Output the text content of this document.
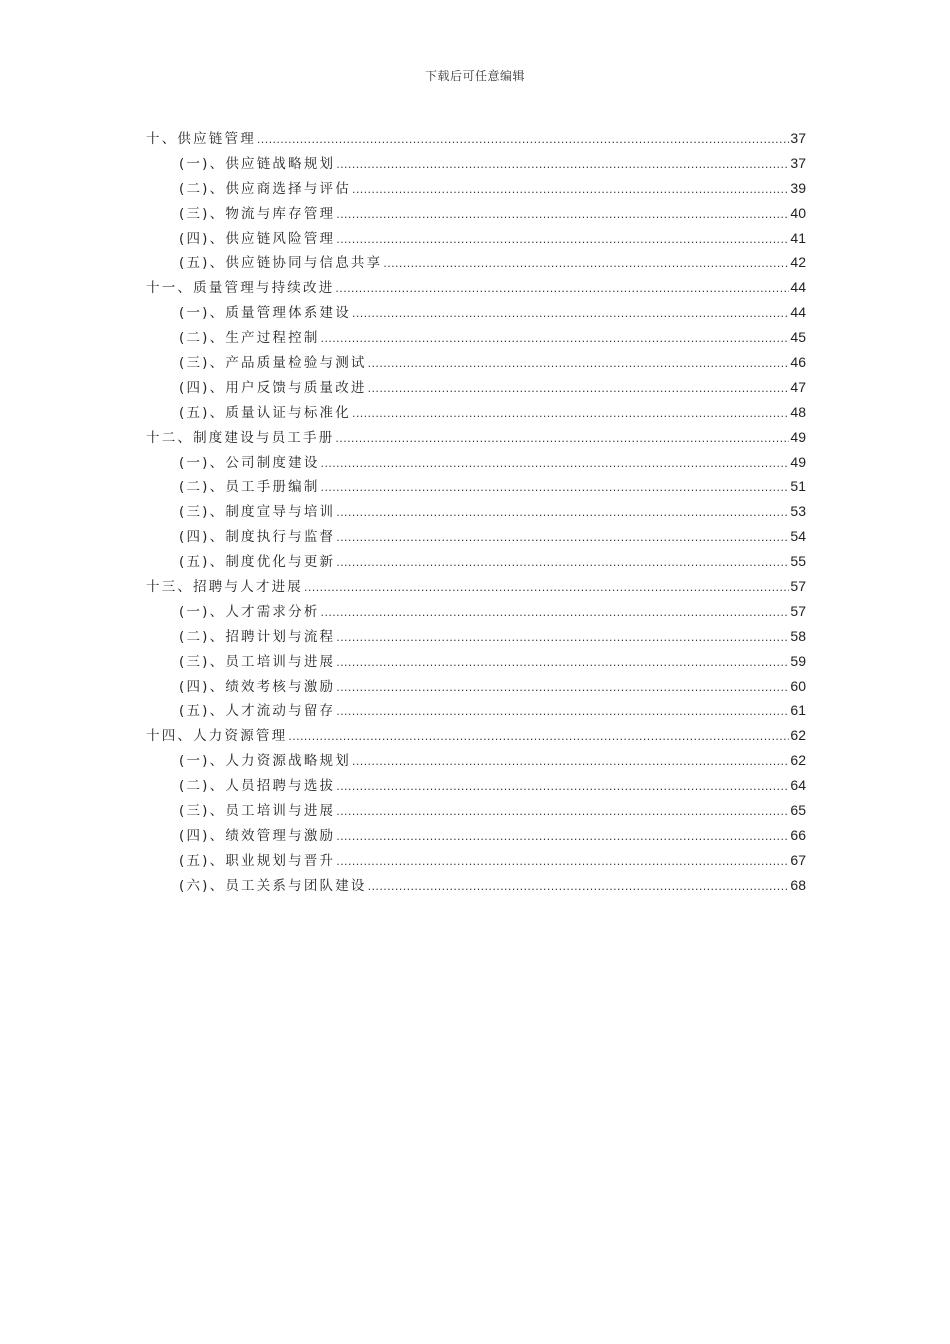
下载后可任意编辑
十、供应链管理 .....	37
(一)、供应链战略规划 .....	37
(二)、供应商选择与评估 .....	39
(三)、物流与库存管理 .....	40
(四)、供应链风险管理 .....	41
(五)、供应链协同与信息共享 .....	42
十一、质量管理与持续改进 .....	44
(一)、质量管理体系建设 .....	44
(二)、生产过程控制 .....	45
(三)、产品质量检验与测试 .....	46
(四)、用户反馈与质量改进 .....	47
(五)、质量认证与标准化 .....	48
十二、制度建设与员工手册 .....	49
(一)、公司制度建设 .....	49
(二)、员工手册编制 .....	51
(三)、制度宣导与培训 .....	53
(四)、制度执行与监督 .....	54
(五)、制度优化与更新 .....	55
十三、招聘与人才进展 .....	57
(一)、人才需求分析 .....	57
(二)、招聘计划与流程 .....	58
(三)、员工培训与进展 .....	59
(四)、绩效考核与激励 .....	60
(五)、人才流动与留存 .....	61
十四、人力资源管理 .....	62
(一)、人力资源战略规划 .....	62
(二)、人员招聘与选拔 .....	64
(三)、员工培训与进展 .....	65
(四)、绩效管理与激励 .....	66
(五)、职业规划与晋升 .....	67
(六)、员工关系与团队建设 .....	68
